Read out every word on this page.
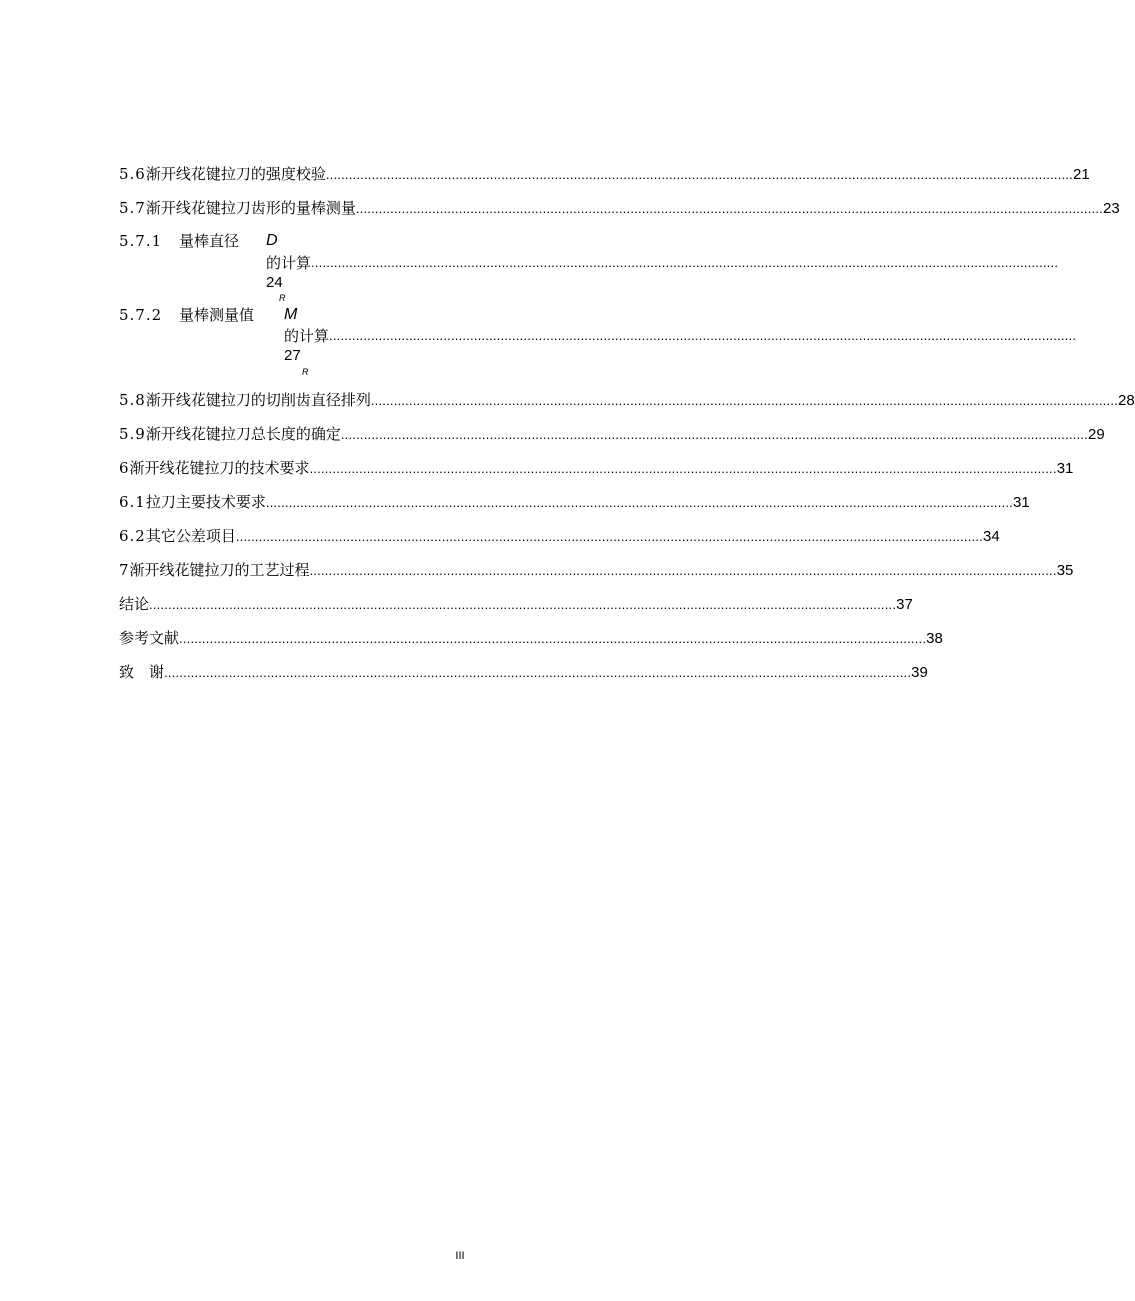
5.6 渐开线花键拉刀的强度校验 .................................................................................................................................................................................................... 21
5.7 渐开线花键拉刀齿形的量棒测量 .................................................................................................................................................................................................... 23
5.7.1 量棒直径 D
的计算 ....................................................................................................................................................................................................
24
R
5.7.2 量棒测量值 M
的计算 ....................................................................................................................................................................................................
27
R
5.8 渐开线花键拉刀的切削齿直径排列 .................................................................................................................................................................................................... 28
5.9 渐开线花键拉刀总长度的确定 .................................................................................................................................................................................................... 29
6 渐开线花键拉刀的技术要求 .................................................................................................................................................................................................... 31
6.1 拉刀主要技术要求 .................................................................................................................................................................................................... 31
6.2 其它公差项目 .................................................................................................................................................................................................... 34
7 渐开线花键拉刀的工艺过程 .................................................................................................................................................................................................... 35
结论 .................................................................................................................................................................................................... 37
参考文献 .................................................................................................................................................................................................... 38
致　谢 .................................................................................................................................................................................................... 39
III
